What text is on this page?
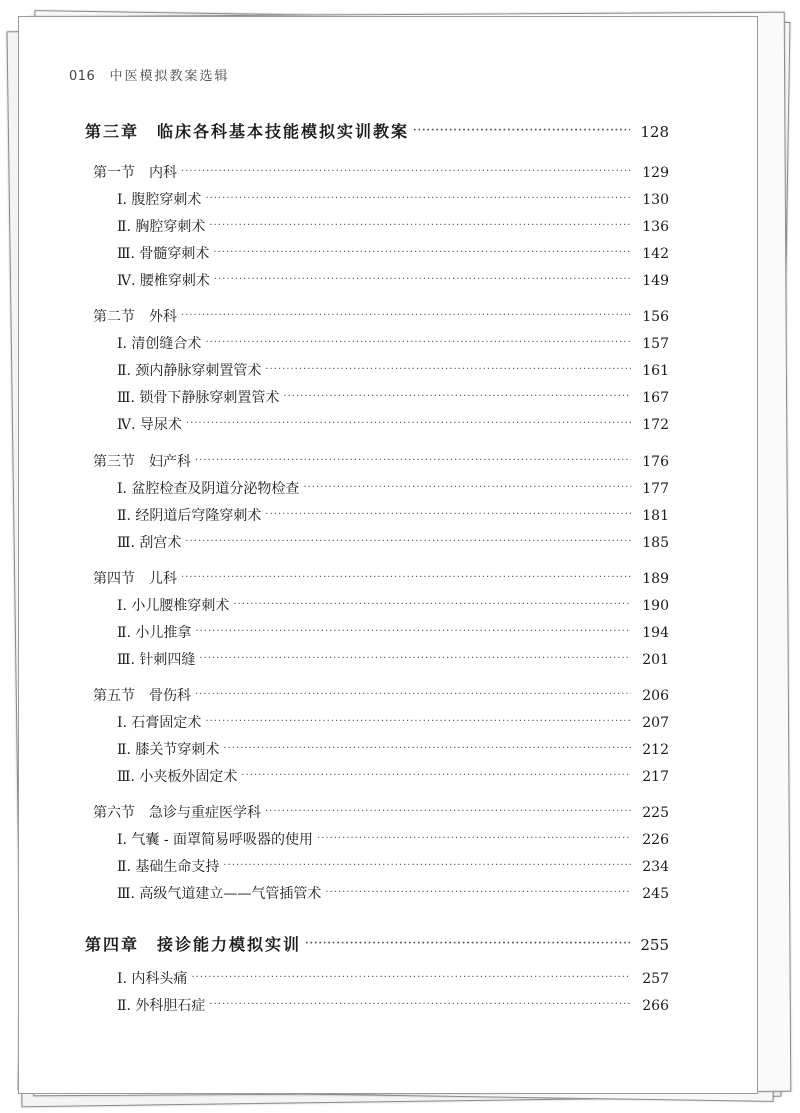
016 中医模拟教案选辑
第三章　临床各科基本技能模拟实训教案 ·····	128
第一节　内科 ·····	129
Ⅰ. 腹腔穿刺术 ·····	130
Ⅱ. 胸腔穿刺术 ·····	136
Ⅲ. 骨髓穿刺术 ·····	142
Ⅳ. 腰椎穿刺术 ·····	149
第二节　外科 ·····	156
Ⅰ. 清创缝合术 ·····	157
Ⅱ. 颈内静脉穿刺置管术 ·····	161
Ⅲ. 锁骨下静脉穿刺置管术 ·····	167
Ⅳ. 导尿术 ·····	172
第三节　妇产科 ·····	176
Ⅰ. 盆腔检查及阴道分泌物检查 ·····	177
Ⅱ. 经阴道后穹隆穿刺术 ·····	181
Ⅲ. 刮宫术 ·····	185
第四节　儿科 ·····	189
Ⅰ. 小儿腰椎穿刺术 ·····	190
Ⅱ. 小儿推拿 ·····	194
Ⅲ. 针刺四缝 ·····	201
第五节　骨伤科 ·····	206
Ⅰ. 石膏固定术 ·····	207
Ⅱ. 膝关节穿刺术 ·····	212
Ⅲ. 小夹板外固定术 ·····	217
第六节　急诊与重症医学科 ·····	225
Ⅰ. 气囊 - 面罩简易呼吸器的使用 ·····	226
Ⅱ. 基础生命支持 ·····	234
Ⅲ. 高级气道建立——气管插管术 ·····	245
第四章　接诊能力模拟实训 ·····	255
Ⅰ. 内科头痛 ·····	257
Ⅱ. 外科胆石症 ·····	266
